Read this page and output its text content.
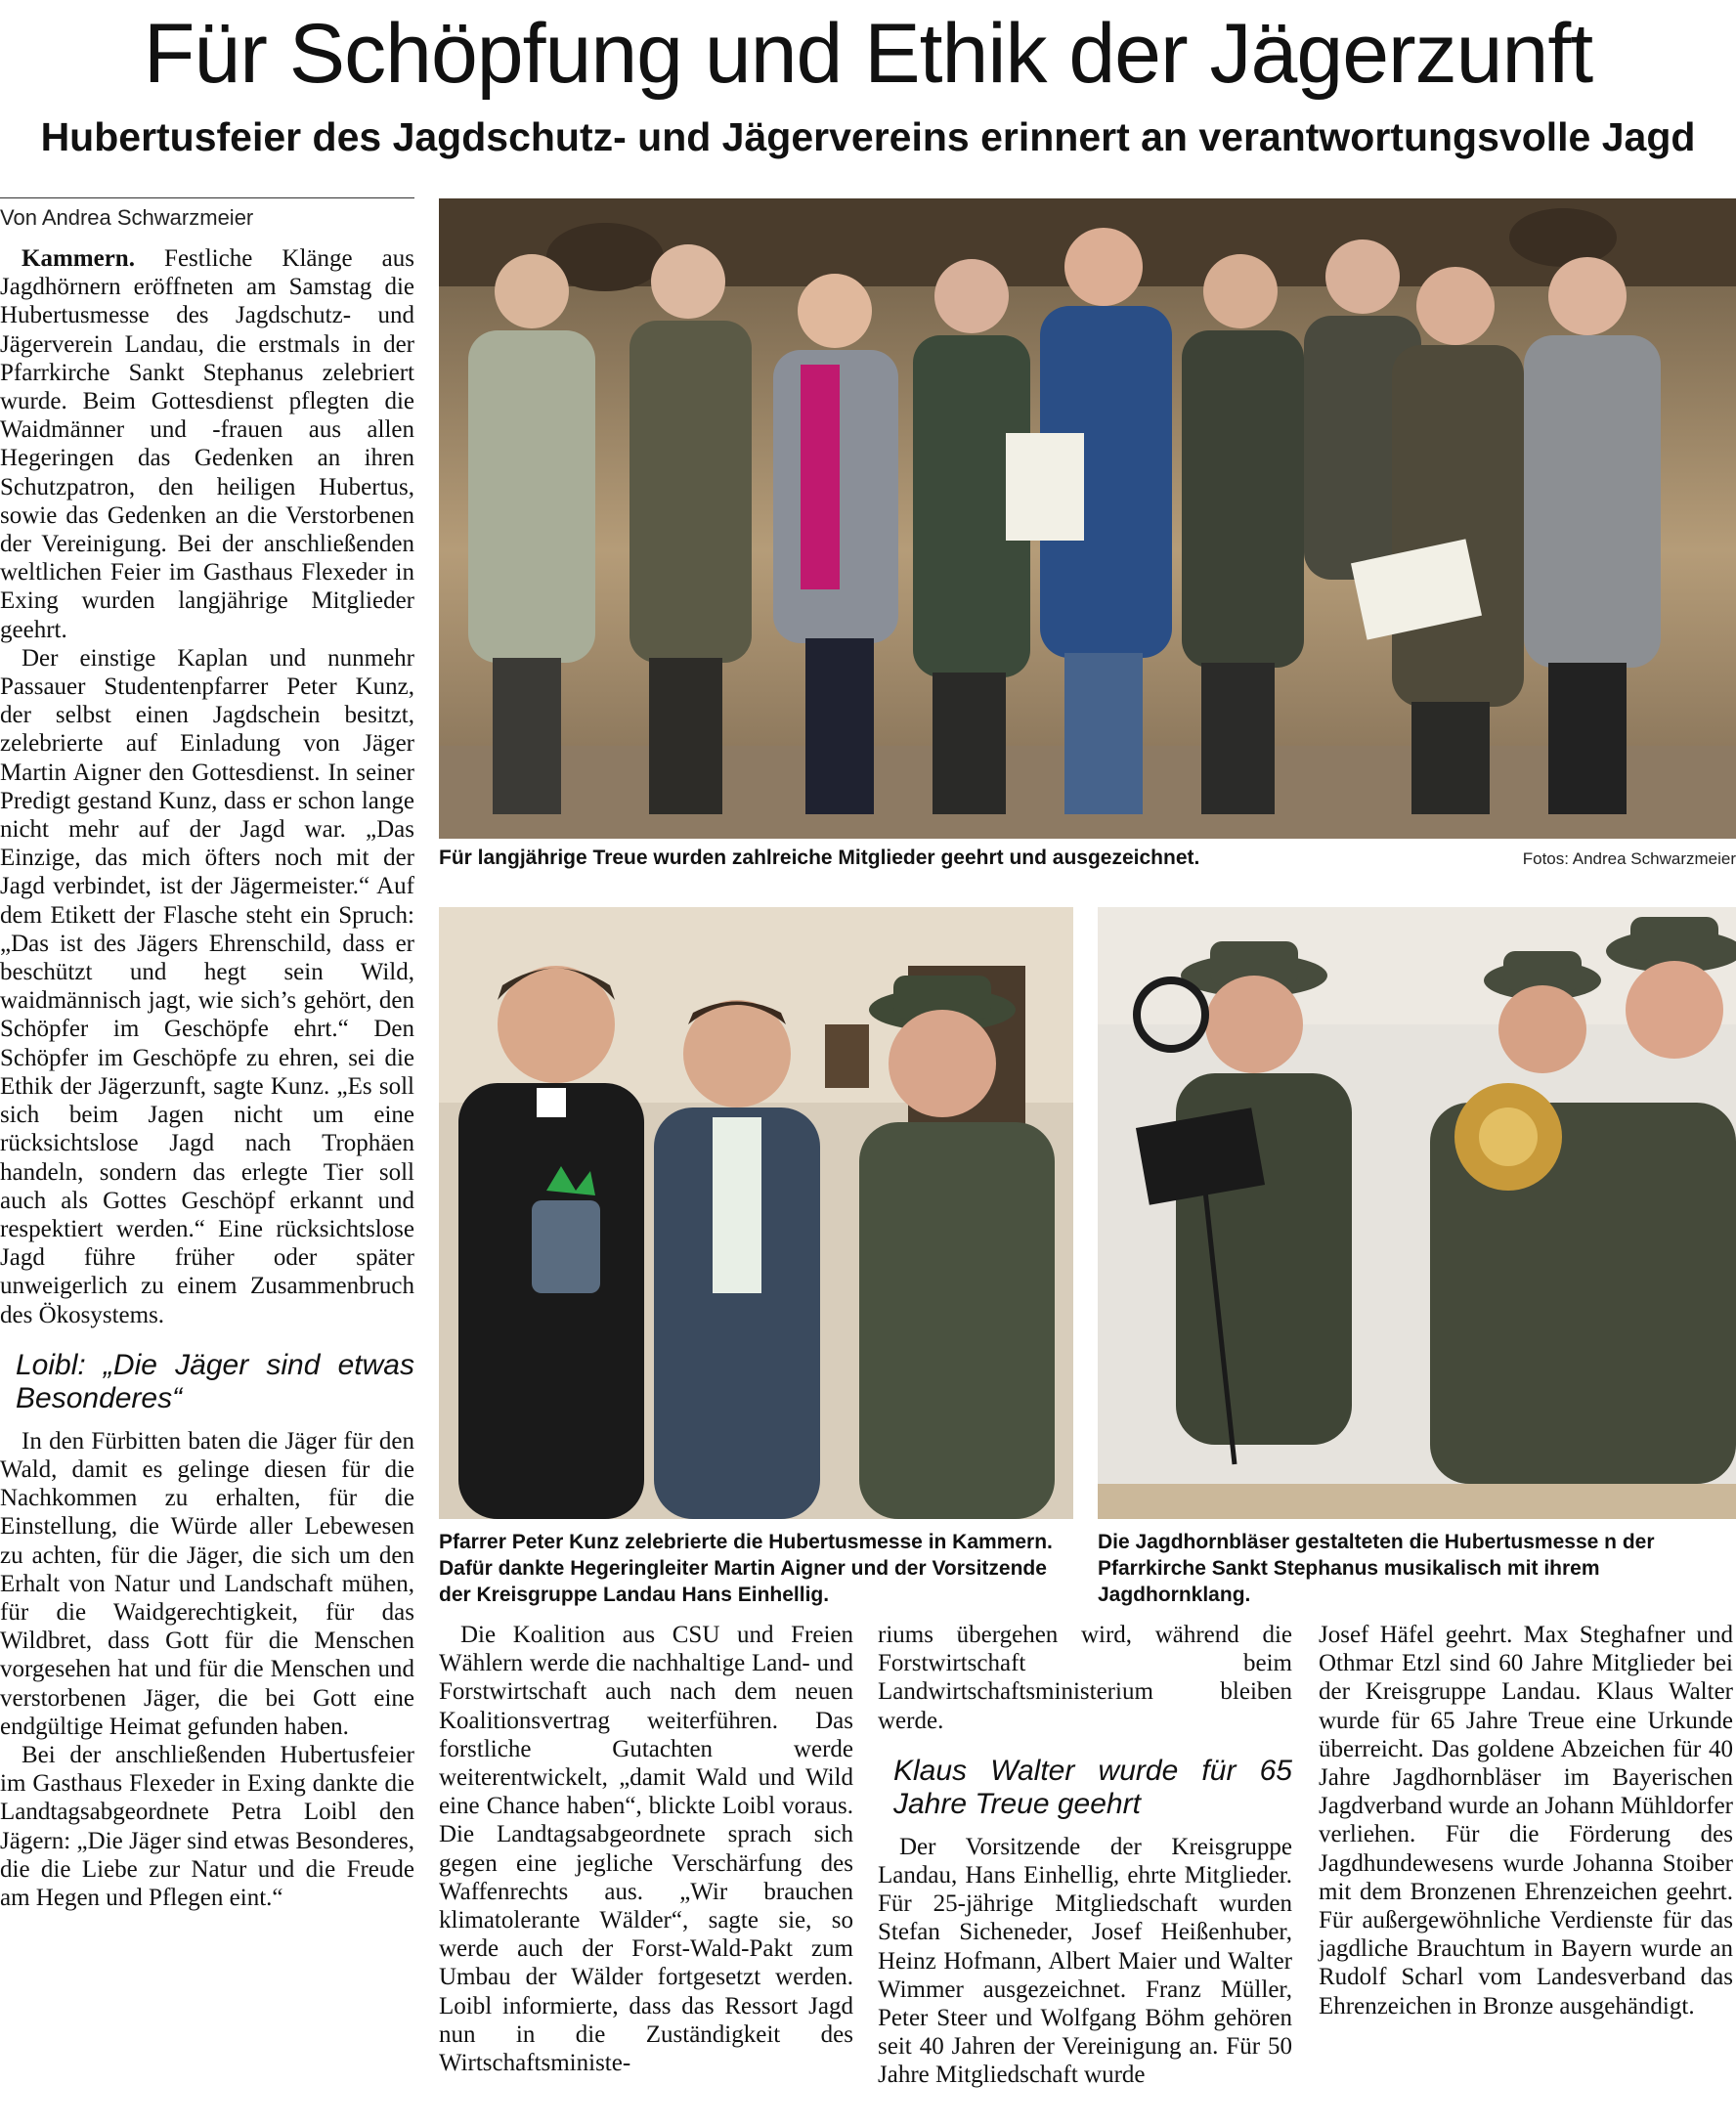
Für Schöpfung und Ethik der Jägerzunft
Hubertusfeier des Jagdschutz- und Jägervereins erinnert an verantwortungsvolle Jagd
Von Andrea Schwarzmeier

Kammern. Festliche Klänge aus Jagdhörnern eröffneten am Samstag die Hubertusmesse des Jagdschutz- und Jägerverein Landau, die erstmals in der Pfarrkirche Sankt Stephanus zelebriert wurde. Beim Gottesdienst pflegten die Waidmänner und -frauen aus allen Hegeringen das Gedenken an ihren Schutzpatron, den heiligen Hubertus, sowie das Gedenken an die Verstorbenen der Vereinigung. Bei der anschließenden weltlichen Feier im Gasthaus Flexeder in Exing wurden langjährige Mitglieder geehrt.

Der einstige Kaplan und nunmehr Passauer Studentenpfarrer Peter Kunz, der selbst einen Jagdschein besitzt, zelebrierte auf Einladung von Jäger Martin Aigner den Gottesdienst. In seiner Predigt gestand Kunz, dass er schon lange nicht mehr auf der Jagd war. „Das Einzige, das mich öfters noch mit der Jagd verbindet, ist der Jägermeister.“ Auf dem Etikett der Flasche steht ein Spruch: „Das ist des Jägers Ehrenschild, dass er beschützt und hegt sein Wild, waidmännisch jagt, wie sich’s gehört, den Schöpfer im Geschöpfe ehrt.“ Den Schöpfer im Geschöpfe zu ehren, sei die Ethik der Jägerzunft, sagte Kunz. „Es soll sich beim Jagen nicht um eine rücksichtslose Jagd nach Trophäen handeln, sondern das erlegte Tier soll auch als Gottes Geschöpf erkannt und respektiert werden.“ Eine rücksichtslose Jagd führe früher oder später unweigerlich zu einem Zusammenbruch des Ökosystems.

Loibl: „Die Jäger sind etwas Besonderes“

In den Fürbitten baten die Jäger für den Wald, damit es gelinge diesen für die Nachkommen zu erhalten, für die Einstellung, die Würde aller Lebewesen zu achten, für die Jäger, die sich um den Erhalt von Natur und Landschaft mühen, für die Waidgerechtigkeit, für das Wildbret, dass Gott für die Menschen vorgesehen hat und für die Menschen und verstorbenen Jäger, die bei Gott eine endgültige Heimat gefunden haben.

Bei der anschließenden Hubertusfeier im Gasthaus Flexeder in Exing dankte die Landtagsabgeordnete Petra Loibl den Jägern: „Die Jäger sind etwas Besonderes, die die Liebe zur Natur und die Freude am Hegen und Pflegen eint.“

Für langjährige Treue wurden zahlreiche Mitglieder geehrt und ausgezeichnet.	Fotos: Andrea Schwarzmeier
Pfarrer Peter Kunz zelebrierte die Hubertusmesse in Kammern. Dafür dankte Hegeringleiter Martin Aigner und der Vorsitzende der Kreisgruppe Landau Hans Einhellig.
Die Jagdhornbläser gestalteten die Hubertusmesse n der Pfarrkirche Sankt Stephanus musikalisch mit ihrem Jagdhornklang.

Die Koalition aus CSU und Freien Wählern werde die nachhaltige Land- und Forstwirtschaft auch nach dem neuen Koalitionsvertrag weiterführen. Das forstliche Gutachten werde weiterentwickelt, „damit Wald und Wild eine Chance haben“, blickte Loibl voraus. Die Landtagsabgeordnete sprach sich gegen eine jegliche Verschärfung des Waffenrechts aus. „Wir brauchen klimatolerante Wälder“, sagte sie, so werde auch der Forst-Wald-Pakt zum Umbau der Wälder fortgesetzt werden. Loibl informierte, dass das Ressort Jagd nun in die Zuständigkeit des Wirtschaftsministe-

riums übergehen wird, während die Forstwirtschaft beim Landwirtschaftsministerium bleiben werde.

Klaus Walter wurde für 65 Jahre Treue geehrt

Der Vorsitzende der Kreisgruppe Landau, Hans Einhellig, ehrte Mitglieder. Für 25-jährige Mitgliedschaft wurden Stefan Sicheneder, Josef Heißenhuber, Heinz Hofmann, Albert Maier und Walter Wimmer ausgezeichnet. Franz Müller, Peter Steer und Wolfgang Böhm gehören seit 40 Jahren der Vereinigung an. Für 50 Jahre Mitgliedschaft wurde

Josef Häfel geehrt. Max Steghafner und Othmar Etzl sind 60 Jahre Mitglieder bei der Kreisgruppe Landau. Klaus Walter wurde für 65 Jahre Treue eine Urkunde überreicht. Das goldene Abzeichen für 40 Jahre Jagdhornbläser im Bayerischen Jagdverband wurde an Johann Mühldorfer verliehen. Für die Förderung des Jagdhundewesens wurde Johanna Stoiber mit dem Bronzenen Ehrenzeichen geehrt. Für außergewöhnliche Verdienste für das jagdliche Brauchtum in Bayern wurde an Rudolf Scharl vom Landesverband das Ehrenzeichen in Bronze ausgehändigt.
